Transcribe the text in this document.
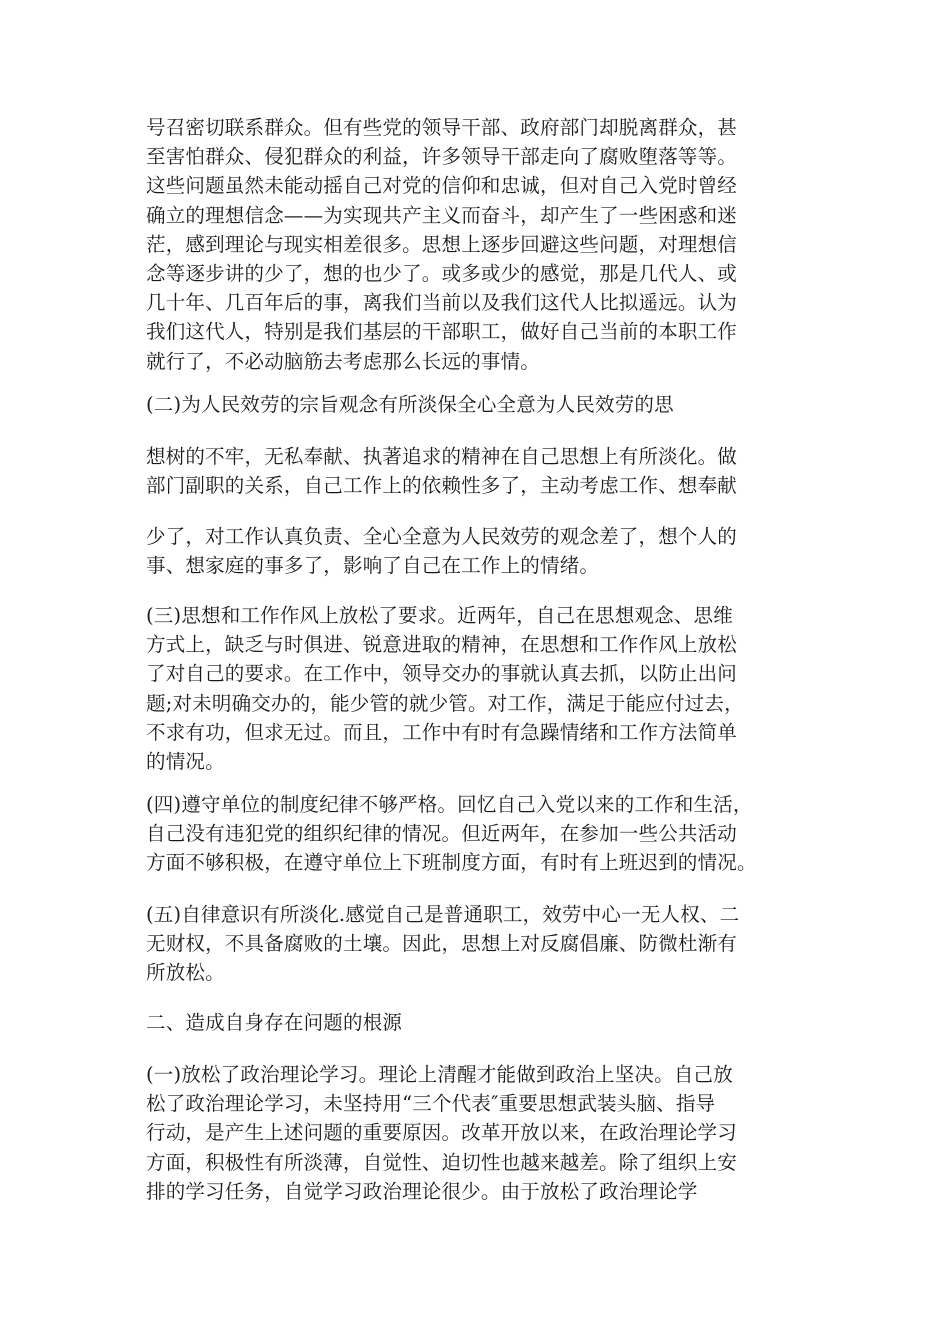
号召密切联系群众。但有些党的领导干部、政府部门却脱离群众，甚
至害怕群众、侵犯群众的利益，许多领导干部走向了腐败堕落等等。
这些问题虽然未能动摇自己对党的信仰和忠诚，但对自己入党时曾经
确立的理想信念——为实现共产主义而奋斗，却产生了一些困惑和迷
茫，感到理论与现实相差很多。思想上逐步回避这些问题，对理想信
念等逐步讲的少了，想的也少了。或多或少的感觉，那是几代人、或
几十年、几百年后的事，离我们当前以及我们这代人比拟遥远。认为
我们这代人，特别是我们基层的干部职工，做好自己当前的本职工作
就行了，不必动脑筋去考虑那么长远的事情。

(二)为人民效劳的宗旨观念有所淡保全心全意为人民效劳的思

想树的不牢，无私奉献、执著追求的精神在自己思想上有所淡化。做
部门副职的关系，自己工作上的依赖性多了，主动考虑工作、想奉献

少了，对工作认真负责、全心全意为人民效劳的观念差了，想个人的
事、想家庭的事多了，影响了自己在工作上的情绪。

(三)思想和工作作风上放松了要求。近两年，自己在思想观念、思维
方式上，缺乏与时俱进、锐意进取的精神，在思想和工作作风上放松
了对自己的要求。在工作中，领导交办的事就认真去抓，以防止出问
题;对未明确交办的，能少管的就少管。对工作，满足于能应付过去，
不求有功，但求无过。而且，工作中有时有急躁情绪和工作方法简单
的情况。

(四)遵守单位的制度纪律不够严格。回忆自己入党以来的工作和生活，
自己没有违犯党的组织纪律的情况。但近两年，在参加一些公共活动
方面不够积极，在遵守单位上下班制度方面，有时有上班迟到的情况。

(五)自律意识有所淡化.感觉自己是普通职工，效劳中心一无人权、二
无财权，不具备腐败的土壤。因此，思想上对反腐倡廉、防微杜渐有
所放松。

二、造成自身存在问题的根源

(一)放松了政治理论学习。理论上清醒才能做到政治上坚决。自己放
松了政治理论学习，未坚持用“三个代表″重要思想武装头脑、指导
行动，是产生上述问题的重要原因。改革开放以来，在政治理论学习
方面，积极性有所淡薄，自觉性、迫切性也越来越差。除了组织上安
排的学习任务，自觉学习政治理论很少。由于放松了政治理论学
